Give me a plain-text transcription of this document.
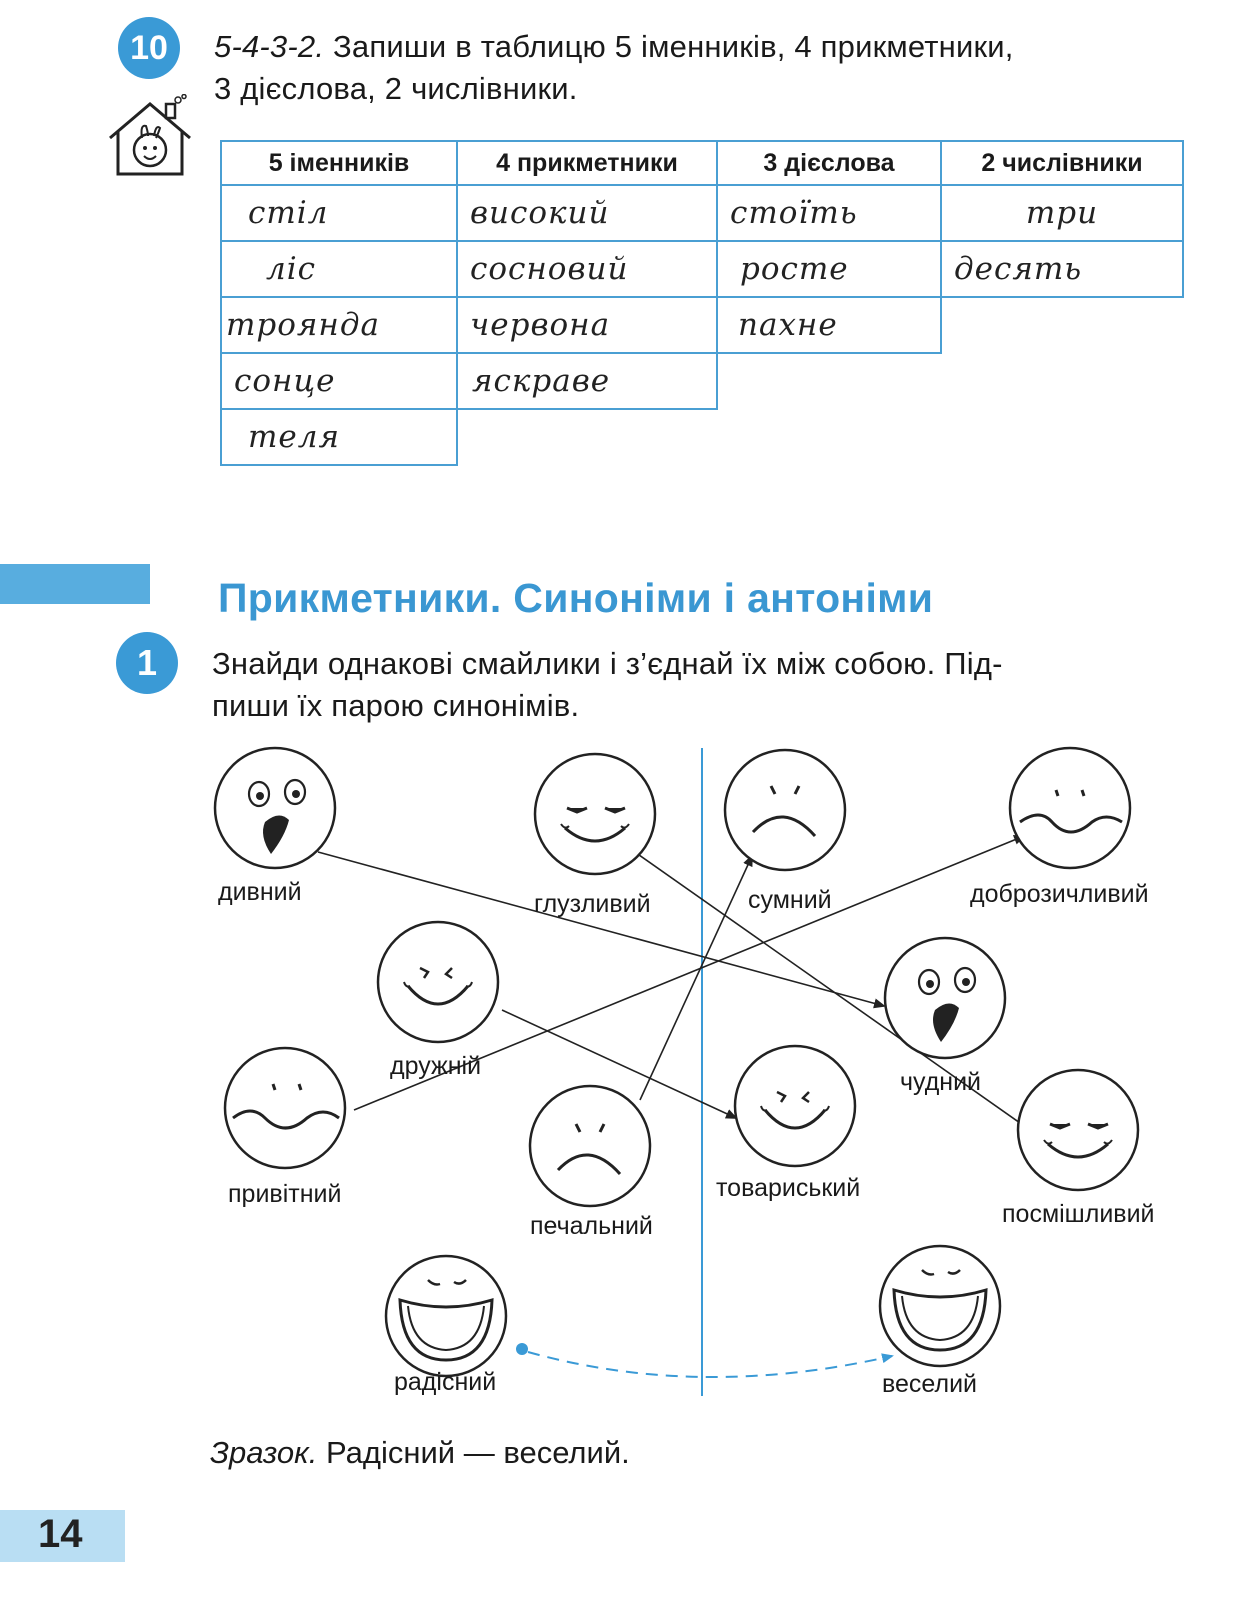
10 5-4-3-2. Запиши в таблицю 5 іменників, 4 прикметники,
3 дієслова, 2 числівники.
5 іменників	4 прикметники	3 дієслова	2 числівники
стіл	високий	стоїть	три
ліс	сосновий	росте	десять
троянда	червона	пахне	
сонце	яскраве		
теля			
Прикметники. Синоніми і антоніми
1 Знайди однакові смайлики і з’єднай їх між собою. Під-
пиши їх парою синонімів.
дивний	глузливий	сумний	доброзичливий
дружній
чудний
привітний
печальний
товариський
посмішливий
радісний	веселий
Зразок. Радісний — веселий.
14
